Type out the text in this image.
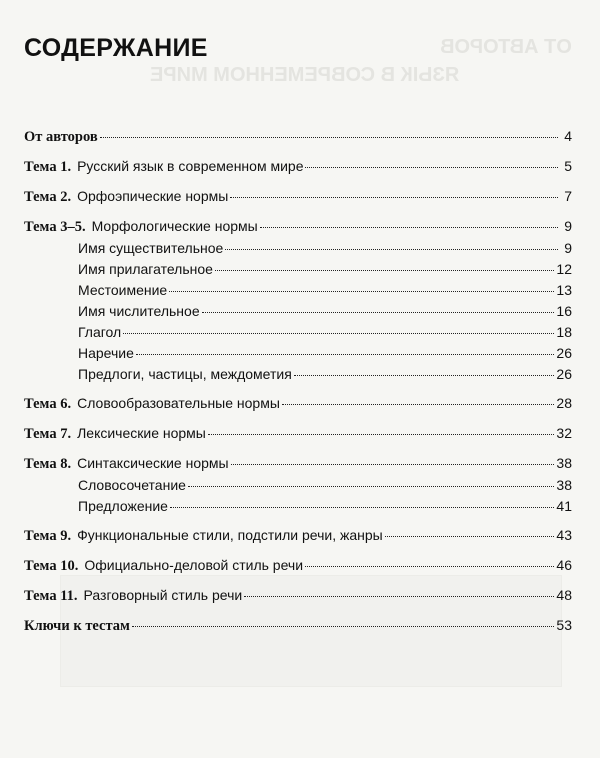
ОТ АВТОРОВ
ЯЗЫК В СОВРЕМЕННОМ МИРЕ
СОДЕРЖАНИЕ
От авторов	4
Тема 1. Русский язык в современном мире	5
Тема 2. Орфоэпические нормы	7
Тема 3–5. Морфологические нормы	9
Имя существительное	9
Имя прилагательное	12
Местоимение	13
Имя числительное	16
Глагол	18
Наречие	26
Предлоги, частицы, междометия	26
Тема 6. Словообразовательные нормы	28
Тема 7. Лексические нормы	32
Тема 8. Синтаксические нормы	38
Словосочетание	38
Предложение	41
Тема 9. Функциональные стили, подстили речи, жанры	43
Тема 10. Официально-деловой стиль речи	46
Тема 11. Разговорный стиль речи	48
Ключи к тестам	53
